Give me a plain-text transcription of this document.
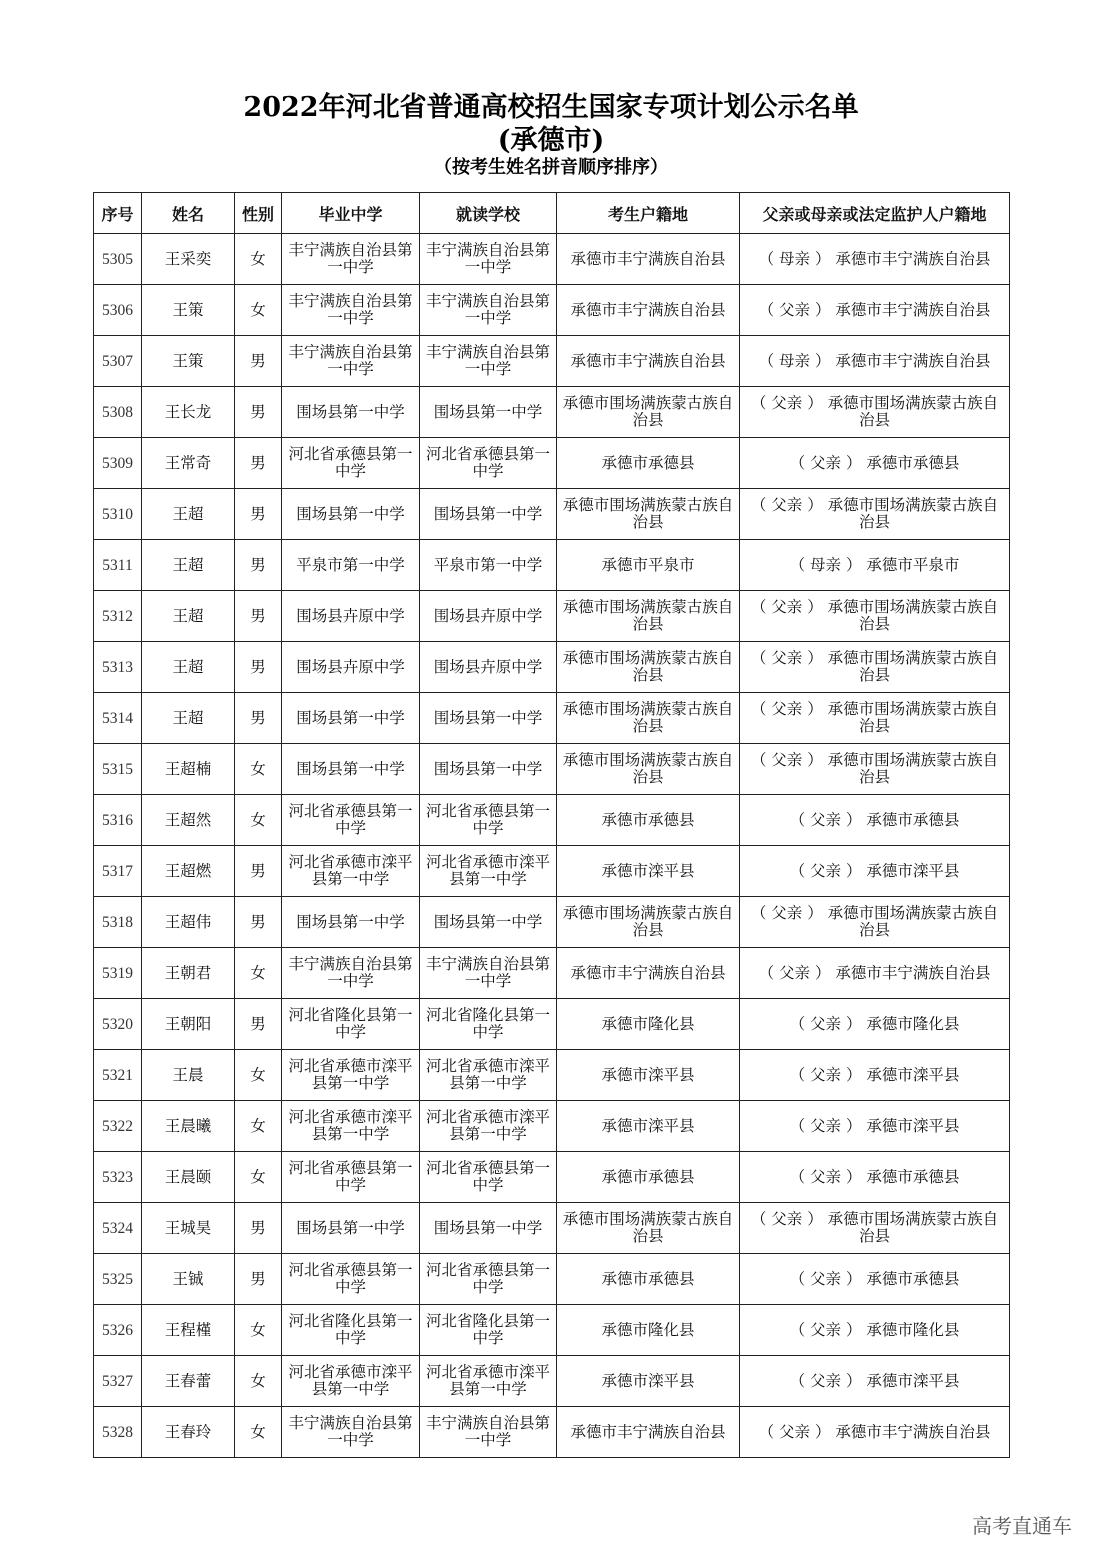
2022年河北省普通高校招生国家专项计划公示名单
(承德市)
（按考生姓名拼音顺序排序）
序号	姓名	性别	毕业中学	就读学校	考生户籍地	父亲或母亲或法定监护人户籍地
5305	王采奕	女	丰宁满族自治县第一中学	丰宁满族自治县第一中学	承德市丰宁满族自治县	（ 母亲 ） 承德市丰宁满族自治县
5306	王策	女	丰宁满族自治县第一中学	丰宁满族自治县第一中学	承德市丰宁满族自治县	（ 父亲 ） 承德市丰宁满族自治县
5307	王策	男	丰宁满族自治县第一中学	丰宁满族自治县第一中学	承德市丰宁满族自治县	（ 母亲 ） 承德市丰宁满族自治县
5308	王长龙	男	围场县第一中学	围场县第一中学	承德市围场满族蒙古族自治县	（ 父亲 ） 承德市围场满族蒙古族自治县
5309	王常奇	男	河北省承德县第一中学	河北省承德县第一中学	承德市承德县	（ 父亲 ） 承德市承德县
5310	王超	男	围场县第一中学	围场县第一中学	承德市围场满族蒙古族自治县	（ 父亲 ） 承德市围场满族蒙古族自治县
5311	王超	男	平泉市第一中学	平泉市第一中学	承德市平泉市	（ 母亲 ） 承德市平泉市
5312	王超	男	围场县卉原中学	围场县卉原中学	承德市围场满族蒙古族自治县	（ 父亲 ） 承德市围场满族蒙古族自治县
5313	王超	男	围场县卉原中学	围场县卉原中学	承德市围场满族蒙古族自治县	（ 父亲 ） 承德市围场满族蒙古族自治县
5314	王超	男	围场县第一中学	围场县第一中学	承德市围场满族蒙古族自治县	（ 父亲 ） 承德市围场满族蒙古族自治县
5315	王超楠	女	围场县第一中学	围场县第一中学	承德市围场满族蒙古族自治县	（ 父亲 ） 承德市围场满族蒙古族自治县
5316	王超然	女	河北省承德县第一中学	河北省承德县第一中学	承德市承德县	（ 父亲 ） 承德市承德县
5317	王超燃	男	河北省承德市滦平县第一中学	河北省承德市滦平县第一中学	承德市滦平县	（ 父亲 ） 承德市滦平县
5318	王超伟	男	围场县第一中学	围场县第一中学	承德市围场满族蒙古族自治县	（ 父亲 ） 承德市围场满族蒙古族自治县
5319	王朝君	女	丰宁满族自治县第一中学	丰宁满族自治县第一中学	承德市丰宁满族自治县	（ 父亲 ） 承德市丰宁满族自治县
5320	王朝阳	男	河北省隆化县第一中学	河北省隆化县第一中学	承德市隆化县	（ 父亲 ） 承德市隆化县
5321	王晨	女	河北省承德市滦平县第一中学	河北省承德市滦平县第一中学	承德市滦平县	（ 父亲 ） 承德市滦平县
5322	王晨曦	女	河北省承德市滦平县第一中学	河北省承德市滦平县第一中学	承德市滦平县	（ 父亲 ） 承德市滦平县
5323	王晨颐	女	河北省承德县第一中学	河北省承德县第一中学	承德市承德县	（ 父亲 ） 承德市承德县
5324	王城昊	男	围场县第一中学	围场县第一中学	承德市围场满族蒙古族自治县	（ 父亲 ） 承德市围场满族蒙古族自治县
5325	王铖	男	河北省承德县第一中学	河北省承德县第一中学	承德市承德县	（ 父亲 ） 承德市承德县
5326	王程槿	女	河北省隆化县第一中学	河北省隆化县第一中学	承德市隆化县	（ 父亲 ） 承德市隆化县
5327	王春蕾	女	河北省承德市滦平县第一中学	河北省承德市滦平县第一中学	承德市滦平县	（ 父亲 ） 承德市滦平县
5328	王春玲	女	丰宁满族自治县第一中学	丰宁满族自治县第一中学	承德市丰宁满族自治县	（ 父亲 ） 承德市丰宁满族自治县
高考直通车
